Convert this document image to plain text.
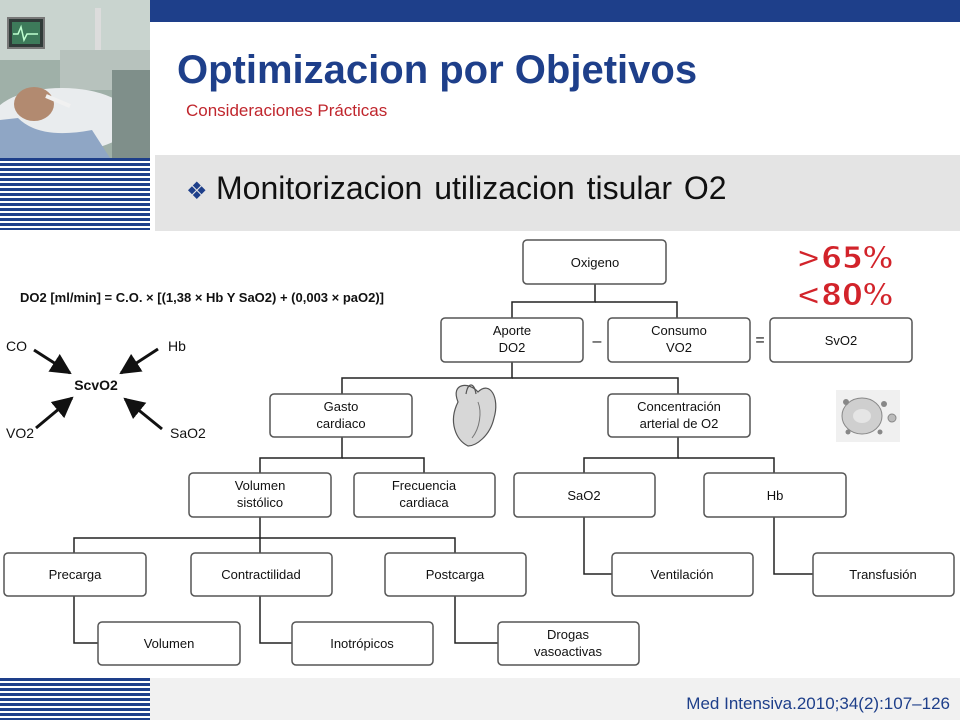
Optimizacion por Objetivos
Consideraciones Prácticas
❖ Monitorizacion utilizacion tisular O2
DO2 [ml/min] = C.O. × [(1,38 × Hb Y SaO2) + (0,003 × paO2)]
ScvO2
CO	Hb
VO2	SaO2
Oxigeno
Aporte
DO2	–
Consumo
VO2	=	SvO2
Gasto
cardiaco
Concentración
arterial de O2
Volumen
sistólico
Frecuencia
cardiaca	SaO2	Hb
Precarga	Contractilidad	Postcarga	Ventilación	Transfusión
Volumen	Inotrópicos
Drogas
vasoactivas
>65%
<80%
Med Intensiva.2010;34(2):107–126
